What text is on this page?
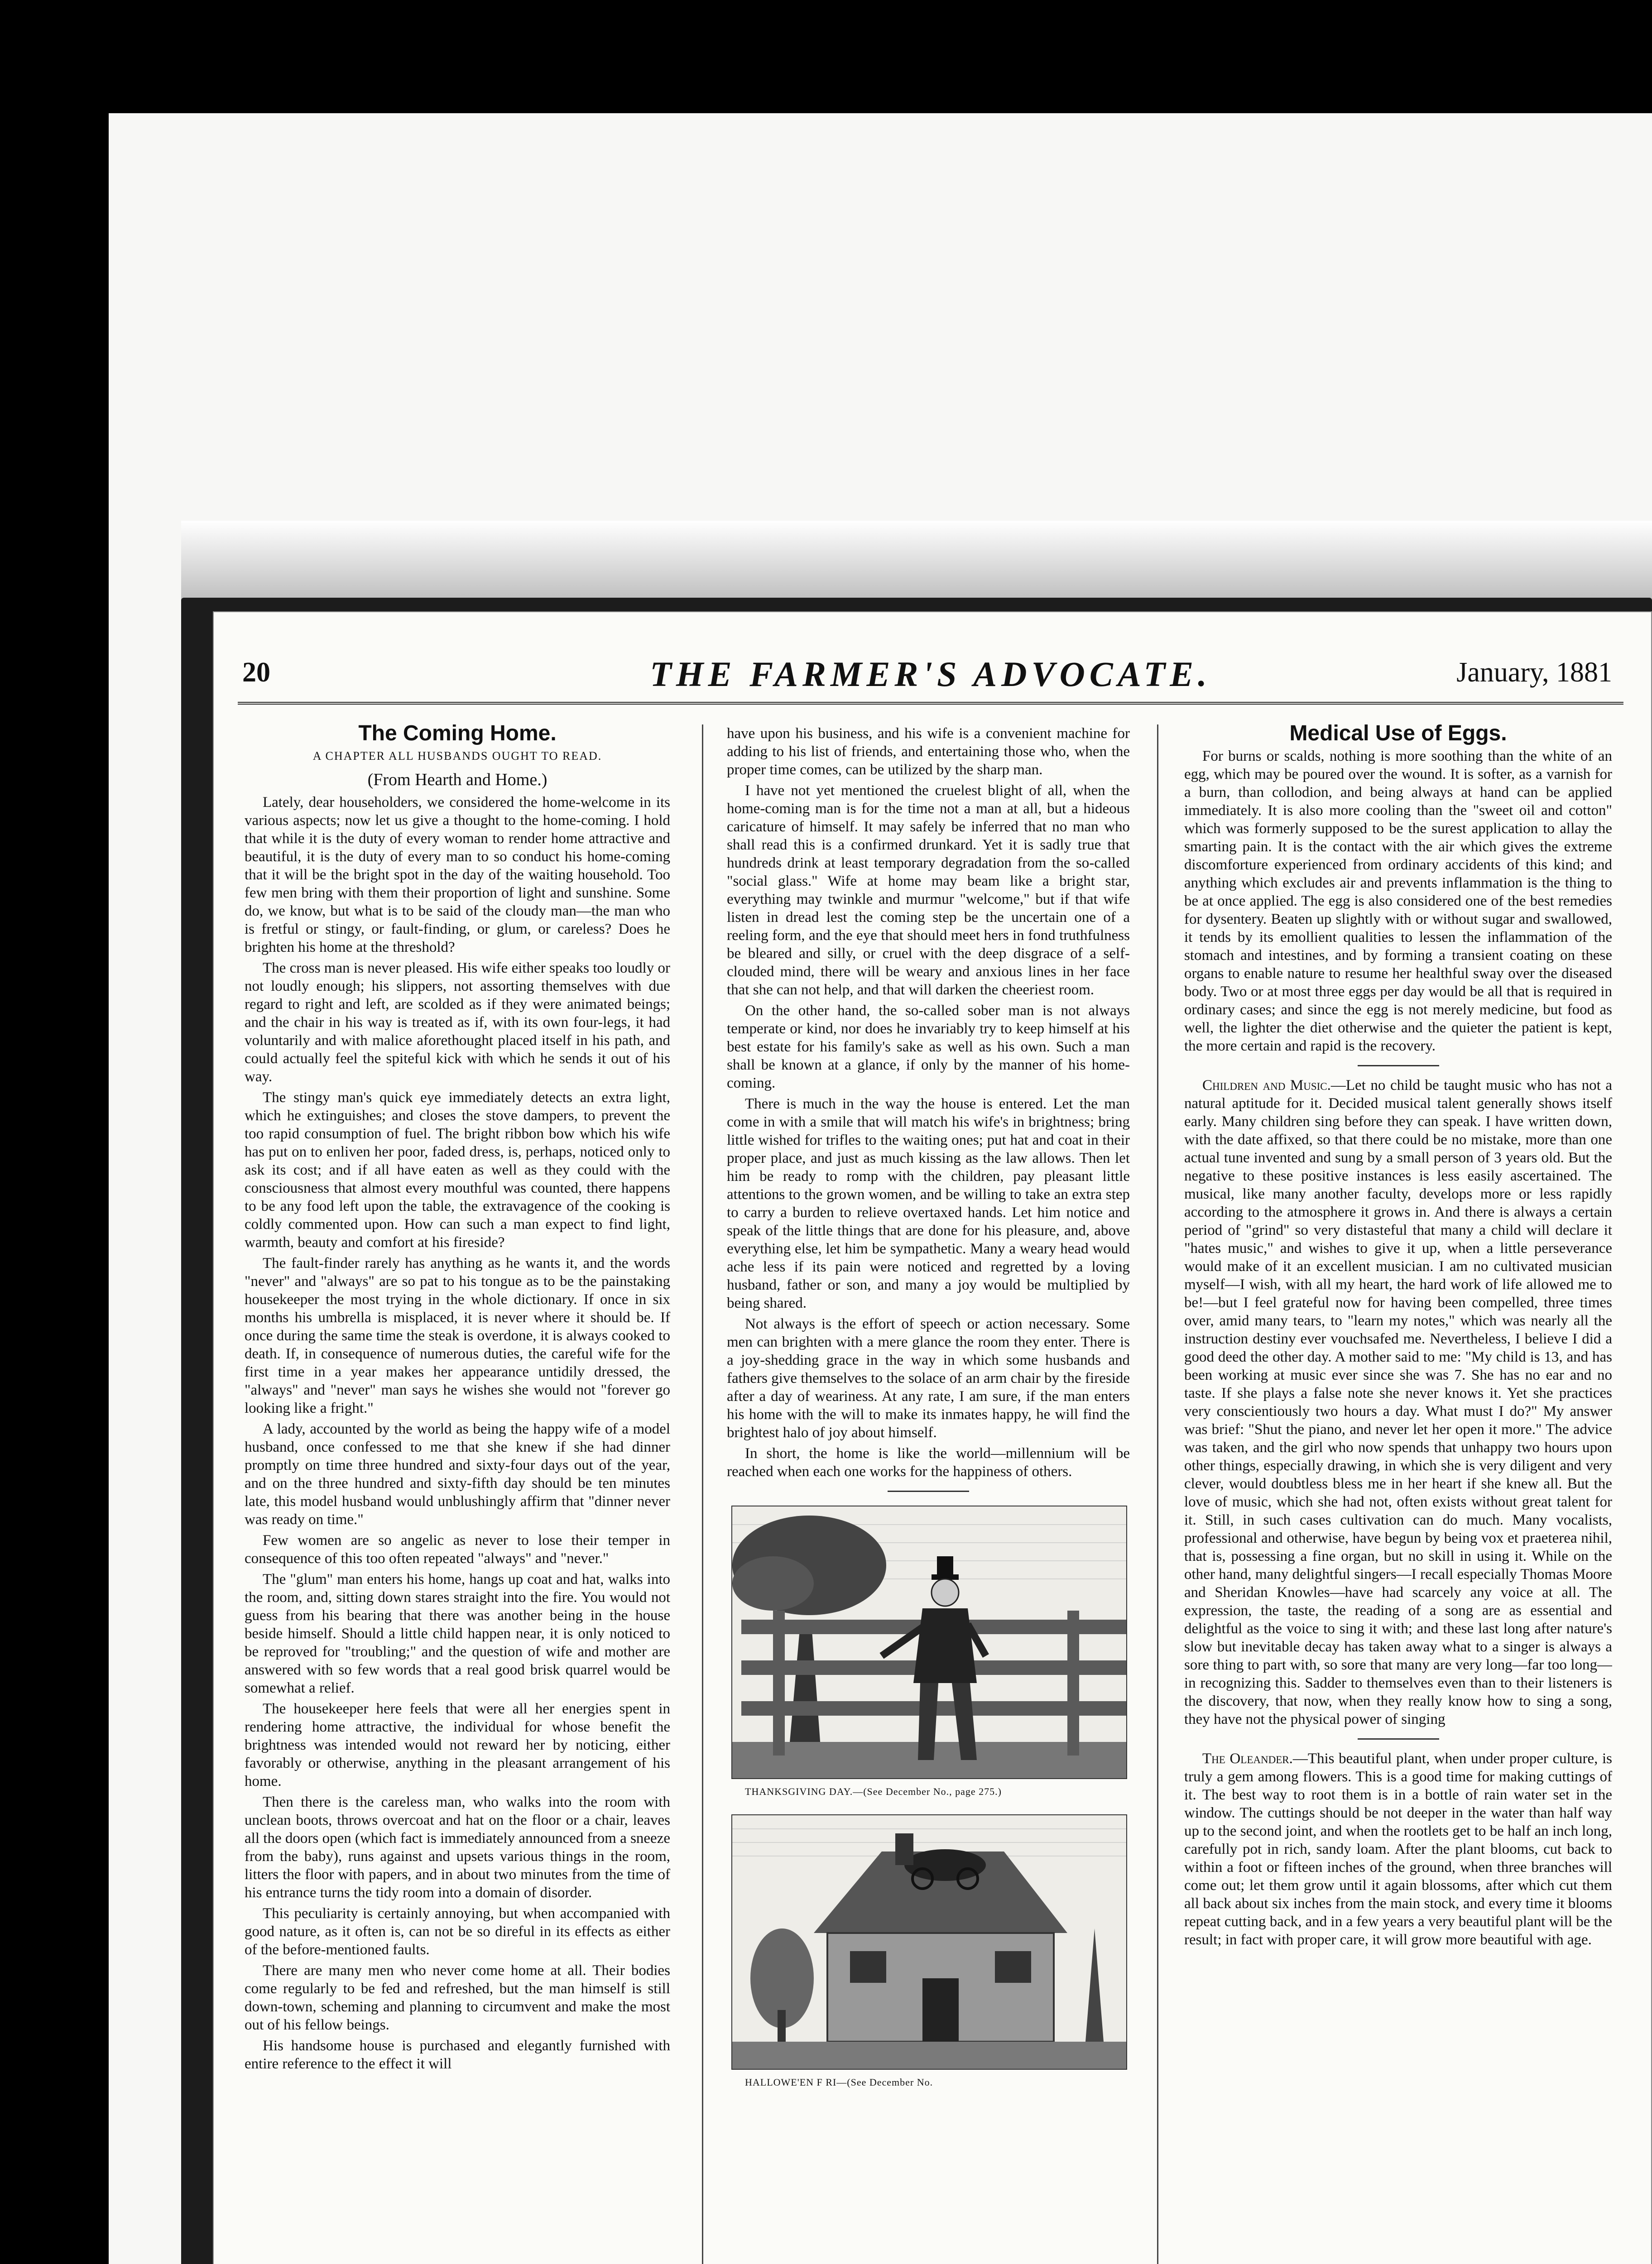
20	THE FARMER'S ADVOCATE.	January, 1881
The Coming Home.
A CHAPTER ALL HUSBANDS OUGHT TO READ.
(From Hearth and Home.)

Lately, dear householders, we considered the home-welcome in its various aspects; now let us give a thought to the home-coming. I hold that while it is the duty of every woman to render home attractive and beautiful, it is the duty of every man to so conduct his home-coming that it will be the bright spot in the day of the waiting household. Too few men bring with them their proportion of light and sunshine. Some do, we know, but what is to be said of the cloudy man—the man who is fretful or stingy, or fault-finding, or glum, or careless? Does he brighten his home at the threshold?

The cross man is never pleased. His wife either speaks too loudly or not loudly enough; his slippers, not assorting themselves with due regard to right and left, are scolded as if they were animated beings; and the chair in his way is treated as if, with its own four-legs, it had voluntarily and with malice aforethought placed itself in his path, and could actually feel the spiteful kick with which he sends it out of his way.

The stingy man's quick eye immediately detects an extra light, which he extinguishes; and closes the stove dampers, to prevent the too rapid consumption of fuel. The bright ribbon bow which his wife has put on to enliven her poor, faded dress, is, perhaps, noticed only to ask its cost; and if all have eaten as well as they could with the consciousness that almost every mouthful was counted, there happens to be any food left upon the table, the extravagence of the cooking is coldly commented upon. How can such a man expect to find light, warmth, beauty and comfort at his fireside?

The fault-finder rarely has anything as he wants it, and the words "never" and "always" are so pat to his tongue as to be the painstaking housekeeper the most trying in the whole dictionary. If once in six months his umbrella is misplaced, it is never where it should be. If once during the same time the steak is overdone, it is always cooked to death. If, in consequence of numerous duties, the careful wife for the first time in a year makes her appearance untidily dressed, the "always" and "never" man says he wishes she would not "forever go looking like a fright."

A lady, accounted by the world as being the happy wife of a model husband, once confessed to me that she knew if she had dinner promptly on time three hundred and sixty-four days out of the year, and on the three hundred and sixty-fifth day should be ten minutes late, this model husband would unblushingly affirm that "dinner never was ready on time."

Few women are so angelic as never to lose their temper in consequence of this too often repeated "always" and "never."

The "glum" man enters his home, hangs up coat and hat, walks into the room, and, sitting down stares straight into the fire. You would not guess from his bearing that there was another being in the house beside himself. Should a little child happen near, it is only noticed to be reproved for "troubling;" and the question of wife and mother are answered with so few words that a real good brisk quarrel would be somewhat a relief.

The housekeeper here feels that were all her energies spent in rendering home attractive, the individual for whose benefit the brightness was intended would not reward her by noticing, either favorably or otherwise, anything in the pleasant arrangement of his home.

Then there is the careless man, who walks into the room with unclean boots, throws overcoat and hat on the floor or a chair, leaves all the doors open (which fact is immediately announced from a sneeze from the baby), runs against and upsets various things in the room, litters the floor with papers, and in about two minutes from the time of his entrance turns the tidy room into a domain of disorder.

This peculiarity is certainly annoying, but when accompanied with good nature, as it often is, can not be so direful in its effects as either of the before-mentioned faults.

There are many men who never come home at all. Their bodies come regularly to be fed and refreshed, but the man himself is still down-town, scheming and planning to circumvent and make the most out of his fellow beings.

His handsome house is purchased and elegantly furnished with entire reference to the effect it will

have upon his business, and his wife is a convenient machine for adding to his list of friends, and entertaining those who, when the proper time comes, can be utilized by the sharp man.

I have not yet mentioned the cruelest blight of all, when the home-coming man is for the time not a man at all, but a hideous caricature of himself. It may safely be inferred that no man who shall read this is a confirmed drunkard. Yet it is sadly true that hundreds drink at least temporary degradation from the so-called "social glass." Wife at home may beam like a bright star, everything may twinkle and murmur "welcome," but if that wife listen in dread lest the coming step be the uncertain one of a reeling form, and the eye that should meet hers in fond truthfulness be bleared and silly, or cruel with the deep disgrace of a self-clouded mind, there will be weary and anxious lines in her face that she can not help, and that will darken the cheeriest room.

On the other hand, the so-called sober man is not always temperate or kind, nor does he invariably try to keep himself at his best estate for his family's sake as well as his own. Such a man shall be known at a glance, if only by the manner of his home-coming.

There is much in the way the house is entered. Let the man come in with a smile that will match his wife's in brightness; bring little wished for trifles to the waiting ones; put hat and coat in their proper place, and just as much kissing as the law allows. Then let him be ready to romp with the children, pay pleasant little attentions to the grown women, and be willing to take an extra step to carry a burden to relieve overtaxed hands. Let him notice and speak of the little things that are done for his pleasure, and, above everything else, let him be sympathetic. Many a weary head would ache less if its pain were noticed and regretted by a loving husband, father or son, and many a joy would be multiplied by being shared.

Not always is the effort of speech or action necessary. Some men can brighten with a mere glance the room they enter. There is a joy-shedding grace in the way in which some husbands and fathers give themselves to the solace of an arm chair by the fireside after a day of weariness. At any rate, I am sure, if the man enters his home with the will to make its inmates happy, he will find the brightest halo of joy about himself.

In short, the home is like the world—millennium will be reached when each one works for the happiness of others.

THANKSGIVING DAY.—(See December No., page 275.)
HALLOWE'EN F RI—(See December No.
Medical Use of Eggs.

For burns or scalds, nothing is more soothing than the white of an egg, which may be poured over the wound. It is softer, as a varnish for a burn, than collodion, and being always at hand can be applied immediately. It is also more cooling than the "sweet oil and cotton" which was formerly supposed to be the surest application to allay the smarting pain. It is the contact with the air which gives the extreme discomforture experienced from ordinary accidents of this kind; and anything which excludes air and prevents inflammation is the thing to be at once applied. The egg is also considered one of the best remedies for dysentery. Beaten up slightly with or without sugar and swallowed, it tends by its emollient qualities to lessen the inflammation of the stomach and intestines, and by forming a transient coating on these organs to enable nature to resume her healthful sway over the diseased body. Two or at most three eggs per day would be all that is required in ordinary cases; and since the egg is not merely medicine, but food as well, the lighter the diet otherwise and the quieter the patient is kept, the more certain and rapid is the recovery.

Children and Music.—Let no child be taught music who has not a natural aptitude for it. Decided musical talent generally shows itself early. Many children sing before they can speak. I have written down, with the date affixed, so that there could be no mistake, more than one actual tune invented and sung by a small person of 3 years old. But the negative to these positive instances is less easily ascertained. The musical, like many another faculty, develops more or less rapidly according to the atmosphere it grows in. And there is always a certain period of "grind" so very distasteful that many a child will declare it "hates music," and wishes to give it up, when a little perseverance would make of it an excellent musician. I am no cultivated musician myself—I wish, with all my heart, the hard work of life allowed me to be!—but I feel grateful now for having been compelled, three times over, amid many tears, to "learn my notes," which was nearly all the instruction destiny ever vouchsafed me. Nevertheless, I believe I did a good deed the other day. A mother said to me: "My child is 13, and has been working at music ever since she was 7. She has no ear and no taste. If she plays a false note she never knows it. Yet she practices very conscientiously two hours a day. What must I do?" My answer was brief: "Shut the piano, and never let her open it more." The advice was taken, and the girl who now spends that unhappy two hours upon other things, especially drawing, in which she is very diligent and very clever, would doubtless bless me in her heart if she knew all. But the love of music, which she had not, often exists without great talent for it. Still, in such cases cultivation can do much. Many vocalists, professional and otherwise, have begun by being vox et praeterea nihil, that is, possessing a fine organ, but no skill in using it. While on the other hand, many delightful singers—I recall especially Thomas Moore and Sheridan Knowles—have had scarcely any voice at all. The expression, the taste, the reading of a song are as essential and delightful as the voice to sing it with; and these last long after nature's slow but inevitable decay has taken away what to a singer is always a sore thing to part with, so sore that many are very long—far too long—in recognizing this. Sadder to themselves even than to their listeners is the discovery, that now, when they really know how to sing a song, they have not the physical power of singing

The Oleander.—This beautiful plant, when under proper culture, is truly a gem among flowers. This is a good time for making cuttings of it. The best way to root them is in a bottle of rain water set in the window. The cuttings should be not deeper in the water than half way up to the second joint, and when the rootlets get to be half an inch long, carefully pot in rich, sandy loam. After the plant blooms, cut back to within a foot or fifteen inches of the ground, when three branches will come out; let them grow until it again blossoms, after which cut them all back about six inches from the main stock, and every time it blooms repeat cutting back, and in a few years a very beautiful plant will be the result; in fact with proper care, it will grow more beautiful with age.
